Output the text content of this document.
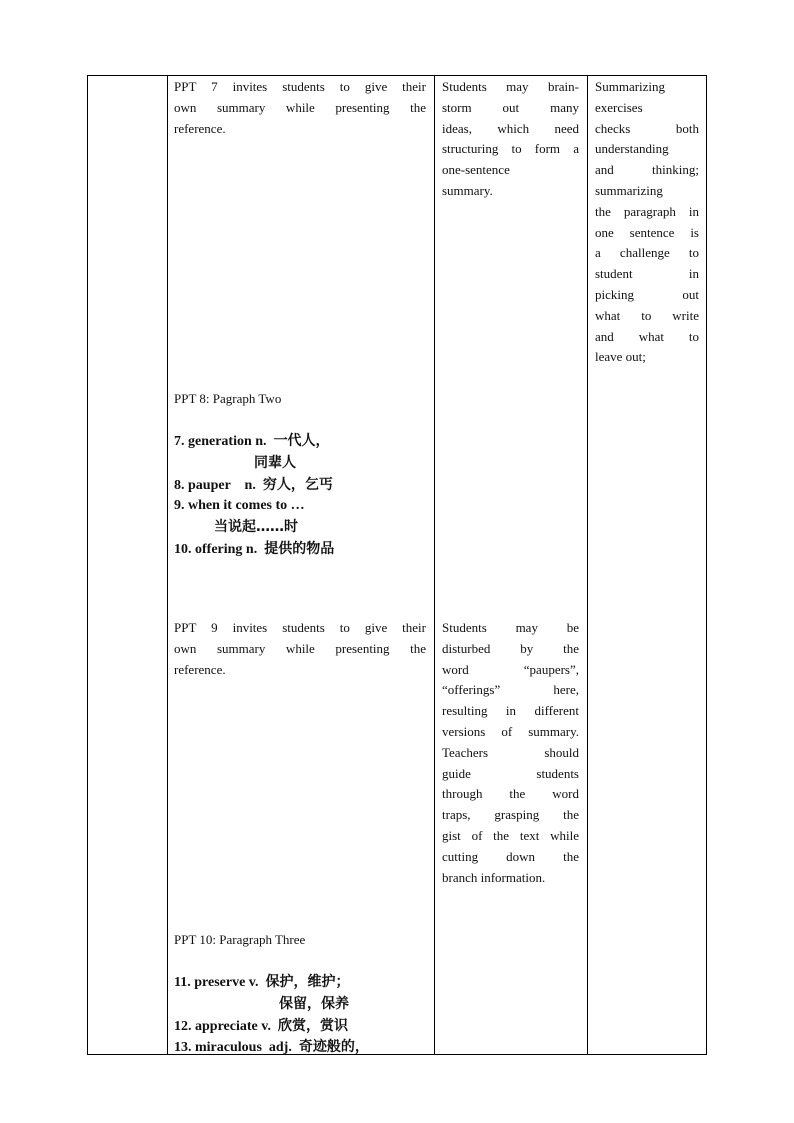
PPT 7 invites students to give their

own summary while presenting the

reference.

PPT 8: Pagraph Two

7. generation n. 一代人，

同辈人

8. pauper    n. 穷人，乞丐

9. when it comes to …

当说起……时

10. offering n. 提供的物品

PPT 9 invites students to give their

own summary while presenting the

reference.

PPT 10: Paragraph Three

11. preserve v. 保护，维护；

保留，保养

12. appreciate v. 欣赏，赏识

13. miraculous  adj. 奇迹般的，

Students may brain-

storm out many

ideas, which need

structuring to form a

one-sentence

summary.

Students may be

disturbed by the

word “paupers”,

“offerings” here,

resulting in different

versions of summary.

Teachers should

guide students

through the word

traps, grasping the

gist of the text while

cutting down the

branch information.

Summarizing

exercises

checks both

understanding

and thinking;

summarizing

the paragraph in

one sentence is

a challenge to

student in

picking out

what to write

and what to

leave out;
